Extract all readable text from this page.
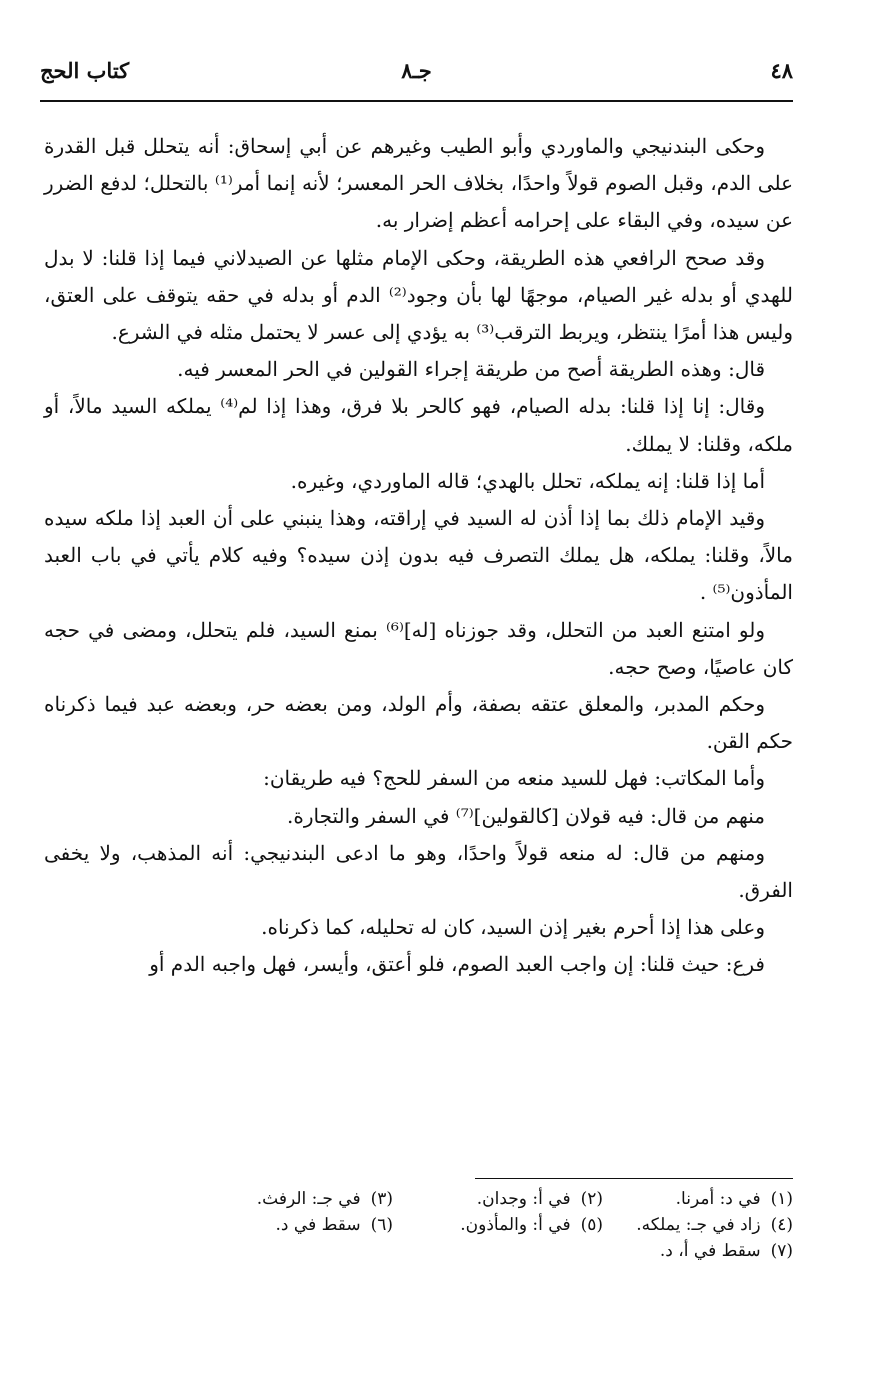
٤٨
جـ٨
كتاب الحج

وحكى البندنيجي والماوردي وأبو الطيب وغيرهم عن أبي إسحاق: أنه يتحلل قبل القدرة على الدم، وقبل الصوم قولاً واحدًا، بخلاف الحر المعسر؛ لأنه إنما أمر⁽¹⁾ بالتحلل؛ لدفع الضرر عن سيده، وفي البقاء على إحرامه أعظم إضرار به.

وقد صحح الرافعي هذه الطريقة، وحكى الإمام مثلها عن الصيدلاني فيما إذا قلنا: لا بدل للهدي أو بدله غير الصيام، موجهًا لها بأن وجود⁽²⁾ الدم أو بدله في حقه يتوقف على العتق، وليس هذا أمرًا ينتظر، ويربط الترقب⁽³⁾ به يؤدي إلى عسر لا يحتمل مثله في الشرع.

قال: وهذه الطريقة أصح من طريقة إجراء القولين في الحر المعسر فيه.

وقال: إنا إذا قلنا: بدله الصيام، فهو كالحر بلا فرق، وهذا إذا لم⁽⁴⁾ يملكه السيد مالاً، أو ملكه، وقلنا: لا يملك.

أما إذا قلنا: إنه يملكه، تحلل بالهدي؛ قاله الماوردي، وغيره.

وقيد الإمام ذلك بما إذا أذن له السيد في إراقته، وهذا ينبني على أن العبد إذا ملكه سيده مالاً، وقلنا: يملكه، هل يملك التصرف فيه بدون إذن سيده؟ وفيه كلام يأتي في باب العبد المأذون⁽⁵⁾ .

ولو امتنع العبد من التحلل، وقد جوزناه [له]⁽⁶⁾ بمنع السيد، فلم يتحلل، ومضى في حجه كان عاصيًا، وصح حجه.

وحكم المدبر، والمعلق عتقه بصفة، وأم الولد، ومن بعضه حر، وبعضه عبد فيما ذكرناه حكم القن.

وأما المكاتب: فهل للسيد منعه من السفر للحج؟ فيه طريقان:

منهم من قال: فيه قولان [كالقولين]⁽⁷⁾ في السفر والتجارة.

ومنهم من قال: له منعه قولاً واحدًا، وهو ما ادعى البندنيجي: أنه المذهب، ولا يخفى الفرق.

وعلى هذا إذا أحرم بغير إذن السيد، كان له تحليله، كما ذكرناه.

فرع: حيث قلنا: إن واجب العبد الصوم، فلو أعتق، وأيسر، فهل واجبه الدم أو

(١)في د: أمرنا.
(٢)في أ: وجدان.
(٣)في جـ: الرفث.
(٤)زاد في جـ: يملكه.
(٥)في أ: والمأذون.
(٦)سقط في د.
(٧)سقط في أ، د.
